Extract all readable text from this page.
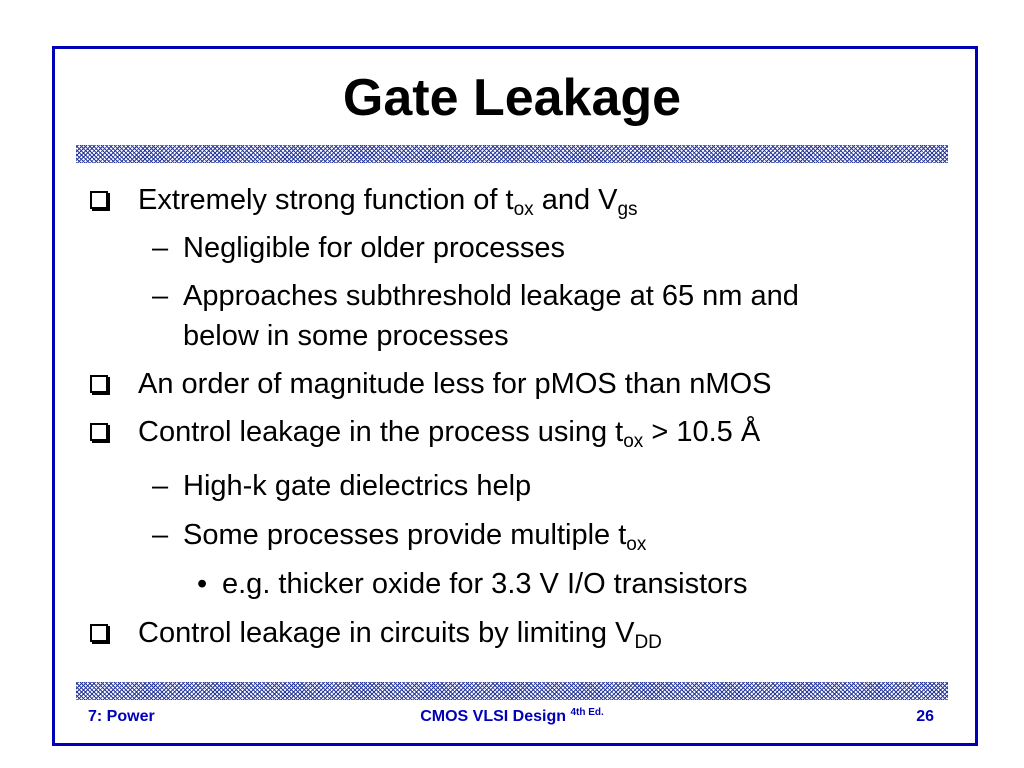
Gate Leakage
Extremely strong function of $t_{ox}$ and $V_{gs}$
– Negligible for older processes
– Approaches subthreshold leakage at 65 nm and
below in some processes
An order of magnitude less for pMOS than nMOS
Control leakage in the process using $t_{ox} > 10.5$ Å
– High-k gate dielectrics help
– Some processes provide multiple $t_{ox}$
• e.g. thicker oxide for 3.3 V I/O transistors
Control leakage in circuits by limiting $V_{DD}$
7: Power	CMOS VLSI Design $^{4th Ed.}$	26
